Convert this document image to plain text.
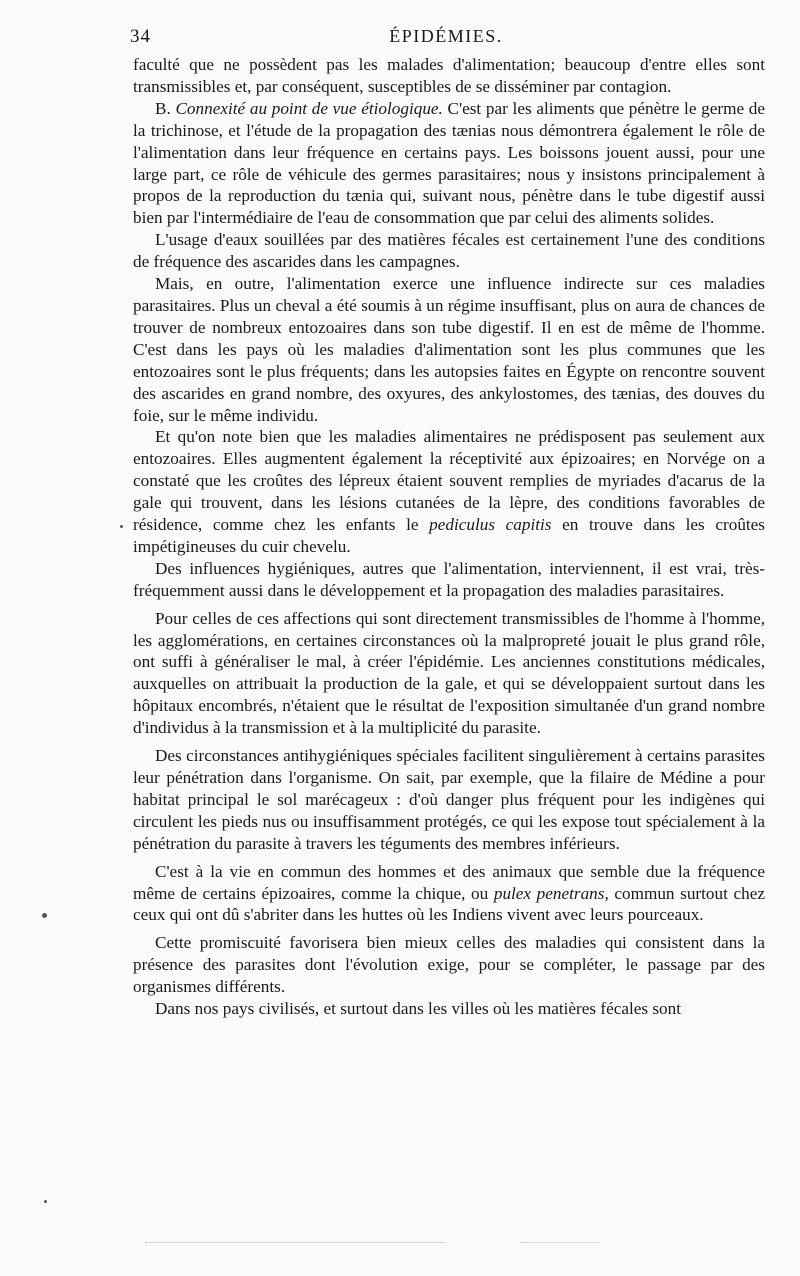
34	ÉPIDÉMIES.

faculté que ne possèdent pas les malades d'alimentation; beaucoup d'entre elles sont transmissibles et, par conséquent, susceptibles de se disséminer par contagion.

B. Connexité au point de vue étiologique. C'est par les aliments que pénètre le germe de la trichinose, et l'étude de la propagation des tænias nous démontrera également le rôle de l'alimentation dans leur fréquence en certains pays. Les boissons jouent aussi, pour une large part, ce rôle de véhicule des germes parasitaires; nous y insistons principalement à propos de la reproduction du tænia qui, suivant nous, pénètre dans le tube digestif aussi bien par l'intermédiaire de l'eau de consommation que par celui des aliments solides.

L'usage d'eaux souillées par des matières fécales est certainement l'une des conditions de fréquence des ascarides dans les campagnes.

Mais, en outre, l'alimentation exerce une influence indirecte sur ces maladies parasitaires. Plus un cheval a été soumis à un régime insuffisant, plus on aura de chances de trouver de nombreux entozoaires dans son tube digestif. Il en est de même de l'homme. C'est dans les pays où les maladies d'alimentation sont les plus communes que les entozoaires sont le plus fréquents; dans les autopsies faites en Égypte on rencontre souvent des ascarides en grand nombre, des oxyures, des ankylostomes, des tænias, des douves du foie, sur le même individu.

Et qu'on note bien que les maladies alimentaires ne prédisposent pas seulement aux entozoaires. Elles augmentent également la réceptivité aux épizoaires; en Norvége on a constaté que les croûtes des lépreux étaient souvent remplies de myriades d'acarus de la gale qui trouvent, dans les lésions cutanées de la lèpre, des conditions favorables de résidence, comme chez les enfants le pediculus capitis en trouve dans les croûtes impétigineuses du cuir chevelu.

Des influences hygiéniques, autres que l'alimentation, interviennent, il est vrai, très-fréquemment aussi dans le développement et la propagation des maladies parasitaires.

Pour celles de ces affections qui sont directement transmissibles de l'homme à l'homme, les agglomérations, en certaines circonstances où la malpropreté jouait le plus grand rôle, ont suffi à généraliser le mal, à créer l'épidémie. Les anciennes constitutions médicales, auxquelles on attribuait la production de la gale, et qui se développaient surtout dans les hôpitaux encombrés, n'étaient que le résultat de l'exposition simultanée d'un grand nombre d'individus à la transmission et à la multiplicité du parasite.

Des circonstances antihygiéniques spéciales facilitent singulièrement à certains parasites leur pénétration dans l'organisme. On sait, par exemple, que la filaire de Médine a pour habitat principal le sol marécageux : d'où danger plus fréquent pour les indigènes qui circulent les pieds nus ou insuffisamment protégés, ce qui les expose tout spécialement à la pénétration du parasite à travers les téguments des membres inférieurs.

C'est à la vie en commun des hommes et des animaux que semble due la fréquence même de certains épizoaires, comme la chique, ou pulex penetrans, commun surtout chez ceux qui ont dû s'abriter dans les huttes où les Indiens vivent avec leurs pourceaux.

Cette promiscuité favorisera bien mieux celles des maladies qui consistent dans la présence des parasites dont l'évolution exige, pour se compléter, le passage par des organismes différents.

Dans nos pays civilisés, et surtout dans les villes où les matières fécales sont
